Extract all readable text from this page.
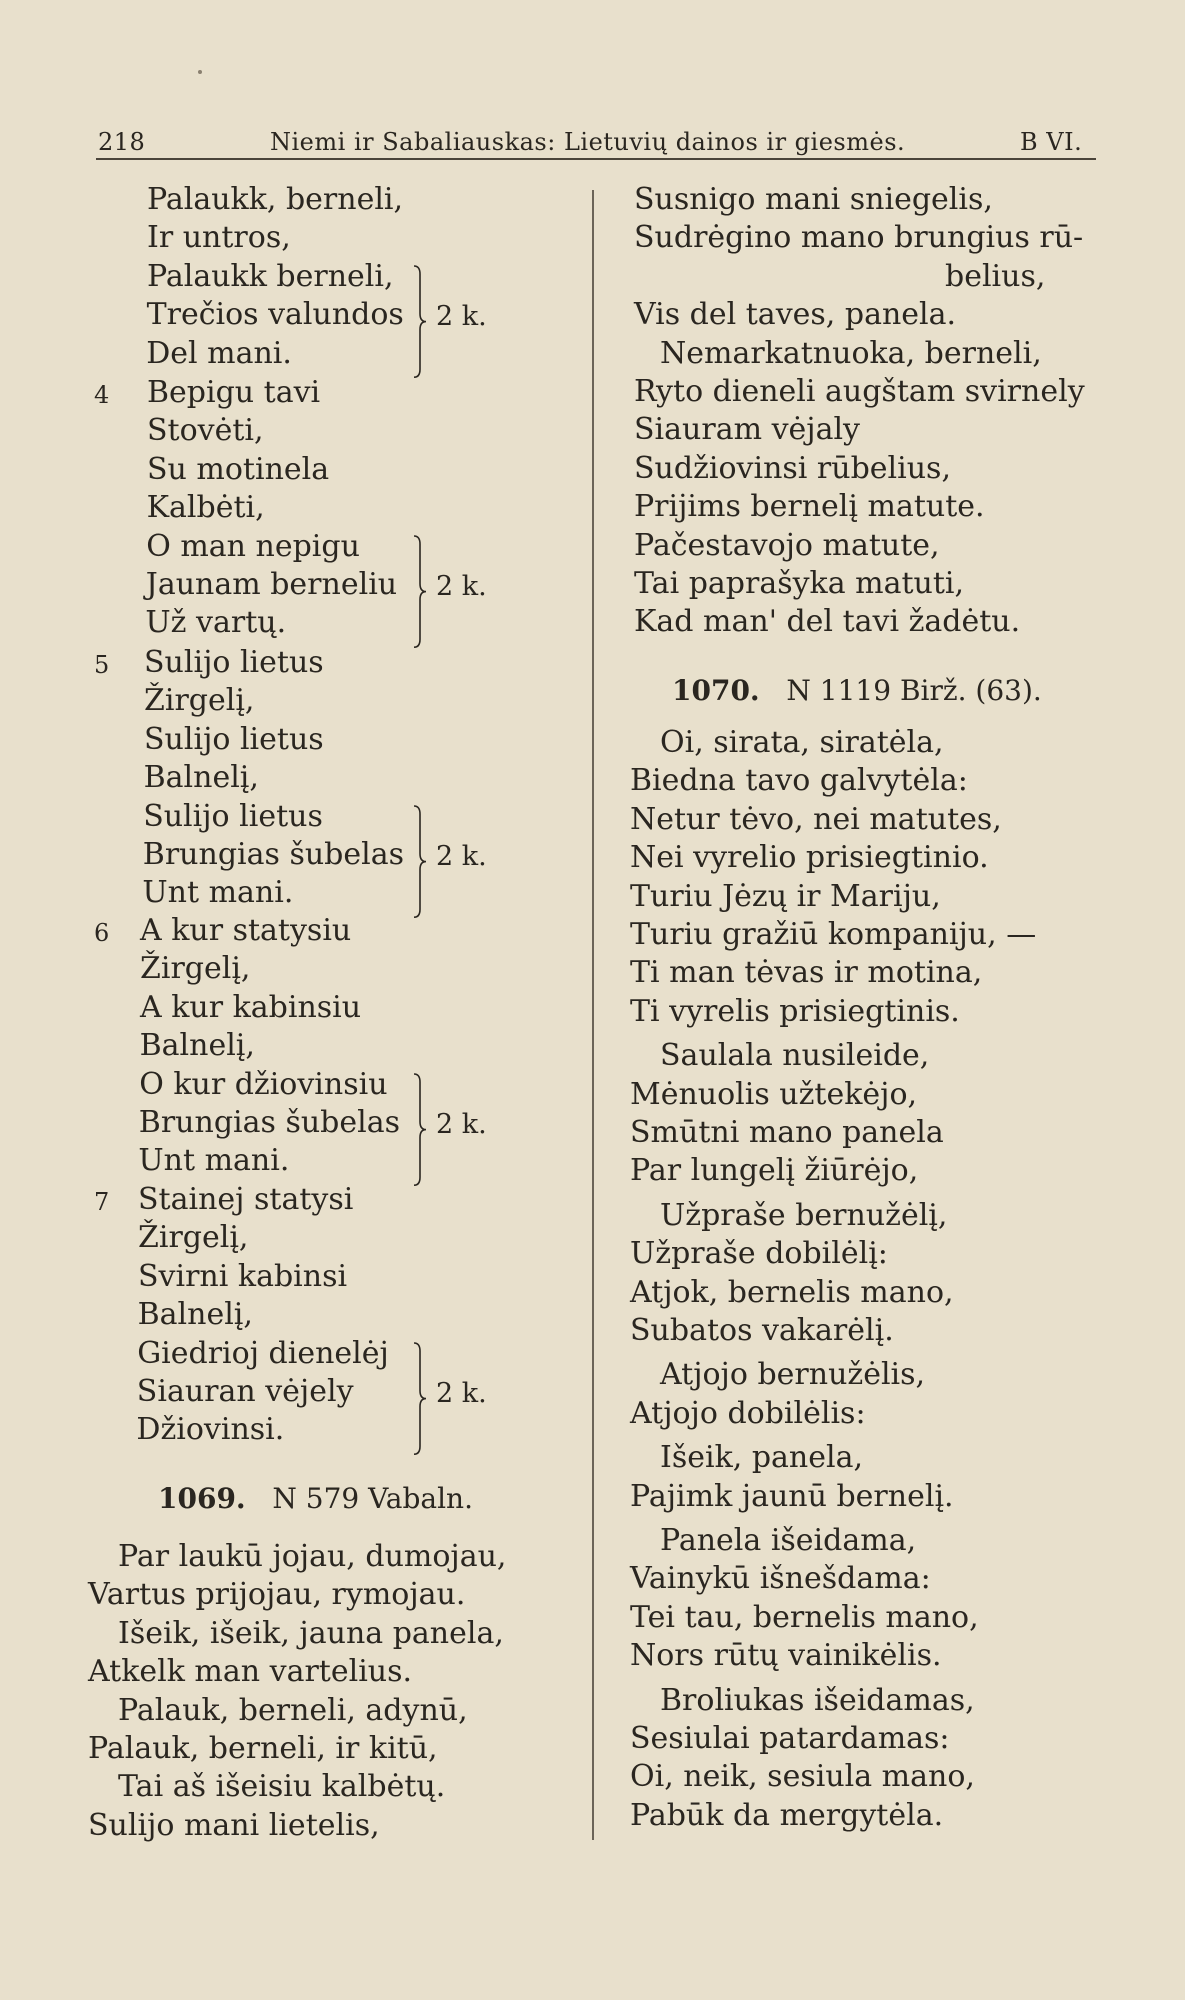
218	Niemi ir Sabaliauskas: Lietuvių dainos ir giesmės.	B VI.
Palaukk, berneli,
Ir untros,
Palaukk berneli,
Trečios valundos
Del mani.
2 k.
Bepigu tavi
Stovėti,
Su motinela
Kalbėti,
O man nepigu
Jaunam berneliu
Už vartų.
4
2 k.
Sulijo lietus
Žirgelį,
Sulijo lietus
Balnelį,
Sulijo lietus
Brungias šubelas
Unt mani.
5
2 k.
A kur statysiu
Žirgelį,
A kur kabinsiu
Balnelį,
O kur džiovinsiu
Brungias šubelas
Unt mani.
6
2 k.
Stainej statysi
Žirgelį,
Svirni kabinsi
Balnelį,
Giedrioj dienelėj
Siauran vėjely
Džiovinsi.
7
2 k.
1069.   N 579 Vabaln.
Par laukū jojau, dumojau,
Vartus prijojau, rymojau.
Išeik, išeik, jauna panela,
Atkelk man vartelius.
Palauk, berneli, adynū,
Palauk, berneli, ir kitū,
Tai aš išeisiu kalbėtų.
Sulijo mani lietelis,
Susnigo mani sniegelis,
Sudrėgino mano brungius rū-
belius,
Vis del taves, panela.
Nemarkatnuoka, berneli,
Ryto dieneli augštam svirnely
Siauram vėjaly
Sudžiovinsi rūbelius,
Prijims bernelį matute.
Pačestavojo matute,
Tai paprašyka matuti,
Kad man' del tavi žadėtu.
1070.   N 1119 Birž. (63).
Oi, sirata, siratėla,
Biedna tavo galvytėla:
Netur tėvo, nei matutes,
Nei vyrelio prisiegtinio.
Turiu Jėzų ir Mariju,
Turiu gražiū kompaniju, —
Ti man tėvas ir motina,
Ti vyrelis prisiegtinis.
Saulala nusileide,
Mėnuolis užtekėjo,
Smūtni mano panela
Par lungelį žiūrėjo,
Užpraše bernužėlį,
Užpraše dobilėlį:
Atjok, bernelis mano,
Subatos vakarėlį.
Atjojo bernužėlis,
Atjojo dobilėlis:
Išeik, panela,
Pajimk jaunū bernelį.
Panela išeidama,
Vainykū išnešdama:
Tei tau, bernelis mano,
Nors rūtų vainikėlis.
Broliukas išeidamas,
Sesiulai patardamas:
Oi, neik, sesiula mano,
Pabūk da mergytėla.
